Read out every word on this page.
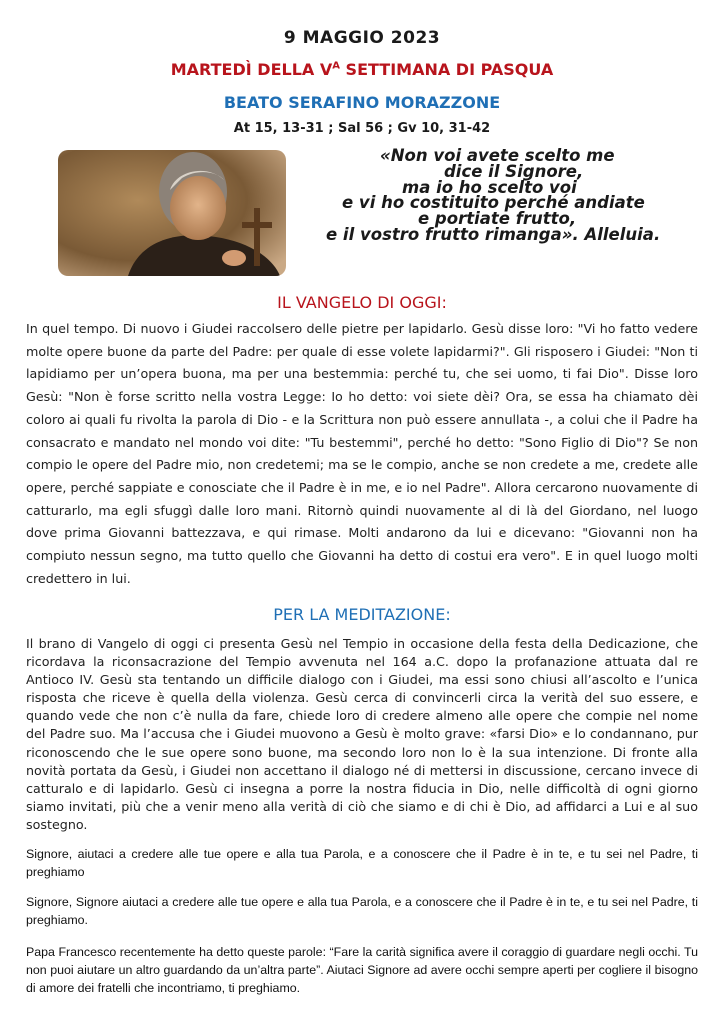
9 MAGGIO 2023
MARTEDÌ DELLA $V^A$ SETTIMANA DI PASQUA
BEATO SERAFINO MORAZZONE
At 15, 13-31 ; Sal 56 ; Gv 10, 31-42
«Non voi avete scelto me
dice il Signore,
ma io ho scelto voi
e vi ho costituito perché andiate
e portiate frutto,
e il vostro frutto rimanga». Alleluia.
IL VANGELO DI OGGI:
In quel tempo. Di nuovo i Giudei raccolsero delle pietre per lapidarlo. Gesù disse loro: "Vi ho fatto vedere molte opere buone da parte del Padre: per quale di esse volete lapidarmi?". Gli risposero i Giudei: "Non ti lapidiamo per un’opera buona, ma per una bestemmia: perché tu, che sei uomo, ti fai Dio". Disse loro Gesù: "Non è forse scritto nella vostra Legge: Io ho detto: voi siete dèi? Ora, se essa ha chiamato dèi coloro ai quali fu rivolta la parola di Dio - e la Scrittura non può essere annullata -, a colui che il Padre ha consacrato e mandato nel mondo voi dite: "Tu bestemmi", perché ho detto: "Sono Figlio di Dio"? Se non compio le opere del Padre mio, non credetemi; ma se le compio, anche se non credete a me, credete alle opere, perché sappiate e conosciate che il Padre è in me, e io nel Padre". Allora cercarono nuovamente di catturarlo, ma egli sfuggì dalle loro mani. Ritornò quindi nuovamente al di là del Giordano, nel luogo dove prima Giovanni battezzava, e qui rimase. Molti andarono da lui e dicevano: "Giovanni non ha compiuto nessun segno, ma tutto quello che Giovanni ha detto di costui era vero". E in quel luogo molti credettero in lui.
PER LA MEDITAZIONE:
Il brano di Vangelo di oggi ci presenta Gesù nel Tempio in occasione della festa della Dedicazione, che ricordava la riconsacrazione del Tempio avvenuta nel 164 a.C. dopo la profanazione attuata dal re Antioco IV. Gesù sta tentando un difficile dialogo con i Giudei, ma essi sono chiusi all’ascolto e l’unica risposta che riceve è quella della violenza. Gesù cerca di convincerli circa la verità del suo essere, e quando vede che non c’è nulla da fare, chiede loro di credere almeno alle opere che compie nel nome del Padre suo. Ma l’accusa che i Giudei muovono a Gesù è molto grave: «farsi Dio» e lo condannano, pur riconoscendo che le sue opere sono buone, ma secondo loro non lo è la sua intenzione. Di fronte alla novità portata da Gesù, i Giudei non accettano il dialogo né di mettersi in discussione, cercano invece di catturalo e di lapidarlo. Gesù ci insegna a porre la nostra fiducia in Dio, nelle difficoltà di ogni giorno siamo invitati, più che a venir meno alla verità di ciò che siamo e di chi è Dio, ad affidarci a Lui e al suo sostegno.
Signore, aiutaci a credere alle tue opere e alla tua Parola, e a conoscere che il Padre è in te, e tu sei nel Padre, ti preghiamo
Signore, Signore aiutaci a credere alle tue opere e alla tua Parola, e a conoscere che il Padre è in te, e tu sei nel Padre, ti preghiamo.
Papa Francesco recentemente ha detto queste parole: “Fare la carità significa avere il coraggio di guardare negli occhi. Tu non puoi aiutare un altro guardando da un’altra parte”. Aiutaci Signore ad avere occhi sempre aperti per cogliere il bisogno di amore dei fratelli che incontriamo, ti preghiamo.
